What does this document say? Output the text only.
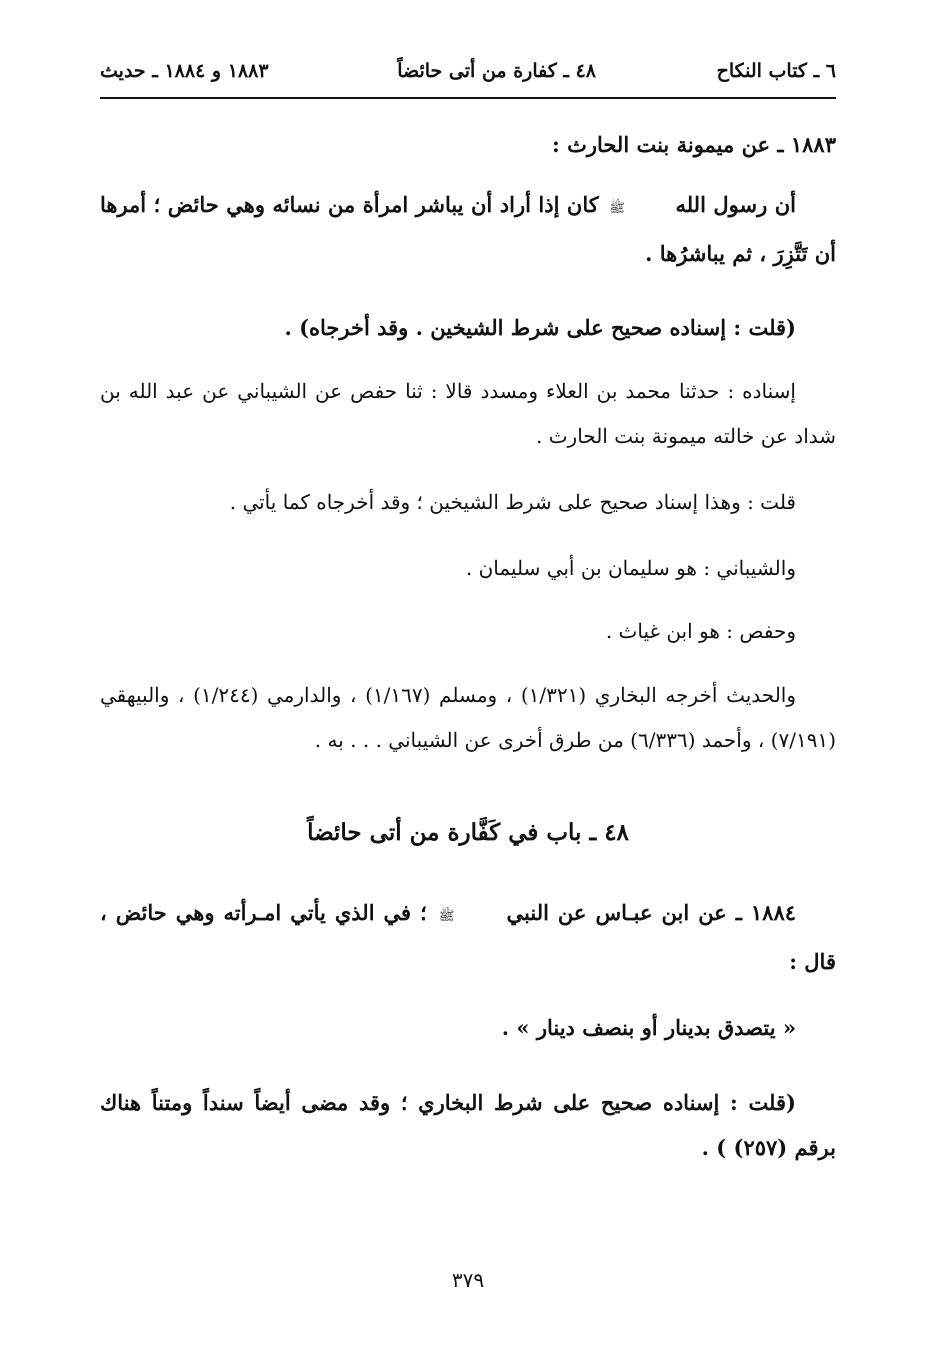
٦ ـ كتاب النكاح
٤٨ ـ كفارة من أتى حائضاً
١٨٨٣ و ١٨٨٤ ـ حديث
١٨٨٣ ـ عن ميمونة بنت الحارث :
أن رسول الله ﷺ كان إذا أراد أن يباشر امرأة من نسائه وهي حائض ؛ أمرها أن تَتَّزِرَ ، ثم يباشرُها .
(قلت : إسناده صحيح على شرط الشيخين . وقد أخرجاه) .
إسناده : حدثنا محمد بن العلاء ومسدد قالا : ثنا حفص عن الشيباني عن عبد الله بن شداد عن خالته ميمونة بنت الحارث .
قلت : وهذا إسناد صحيح على شرط الشيخين ؛ وقد أخرجاه كما يأتي .
والشيباني : هو سليمان بن أبي سليمان .
وحفص : هو ابن غياث .
والحديث أخرجه البخاري (١/٣٢١) ، ومسلم (١/١٦٧) ، والدارمي (١/٢٤٤) ، والبيهقي (٧/١٩١) ، وأحمد (٦/٣٣٦) من طرق أخرى عن الشيباني . . . به .
٤٨ ـ باب في كَفَّارة من أتى حائضاً
١٨٨٤ ـ عن ابن عبـاس عن النبي ﷺ ؛ في الذي يأتي امـرأته وهي حائض ، قال :
« يتصدق بدينار أو بنصف دينار » .
(قلت : إسناده صحيح على شرط البخاري ؛ وقد مضى أيضاً سنداً ومتناً هناك برقم (٢٥٧) ) .
٣٧٩
